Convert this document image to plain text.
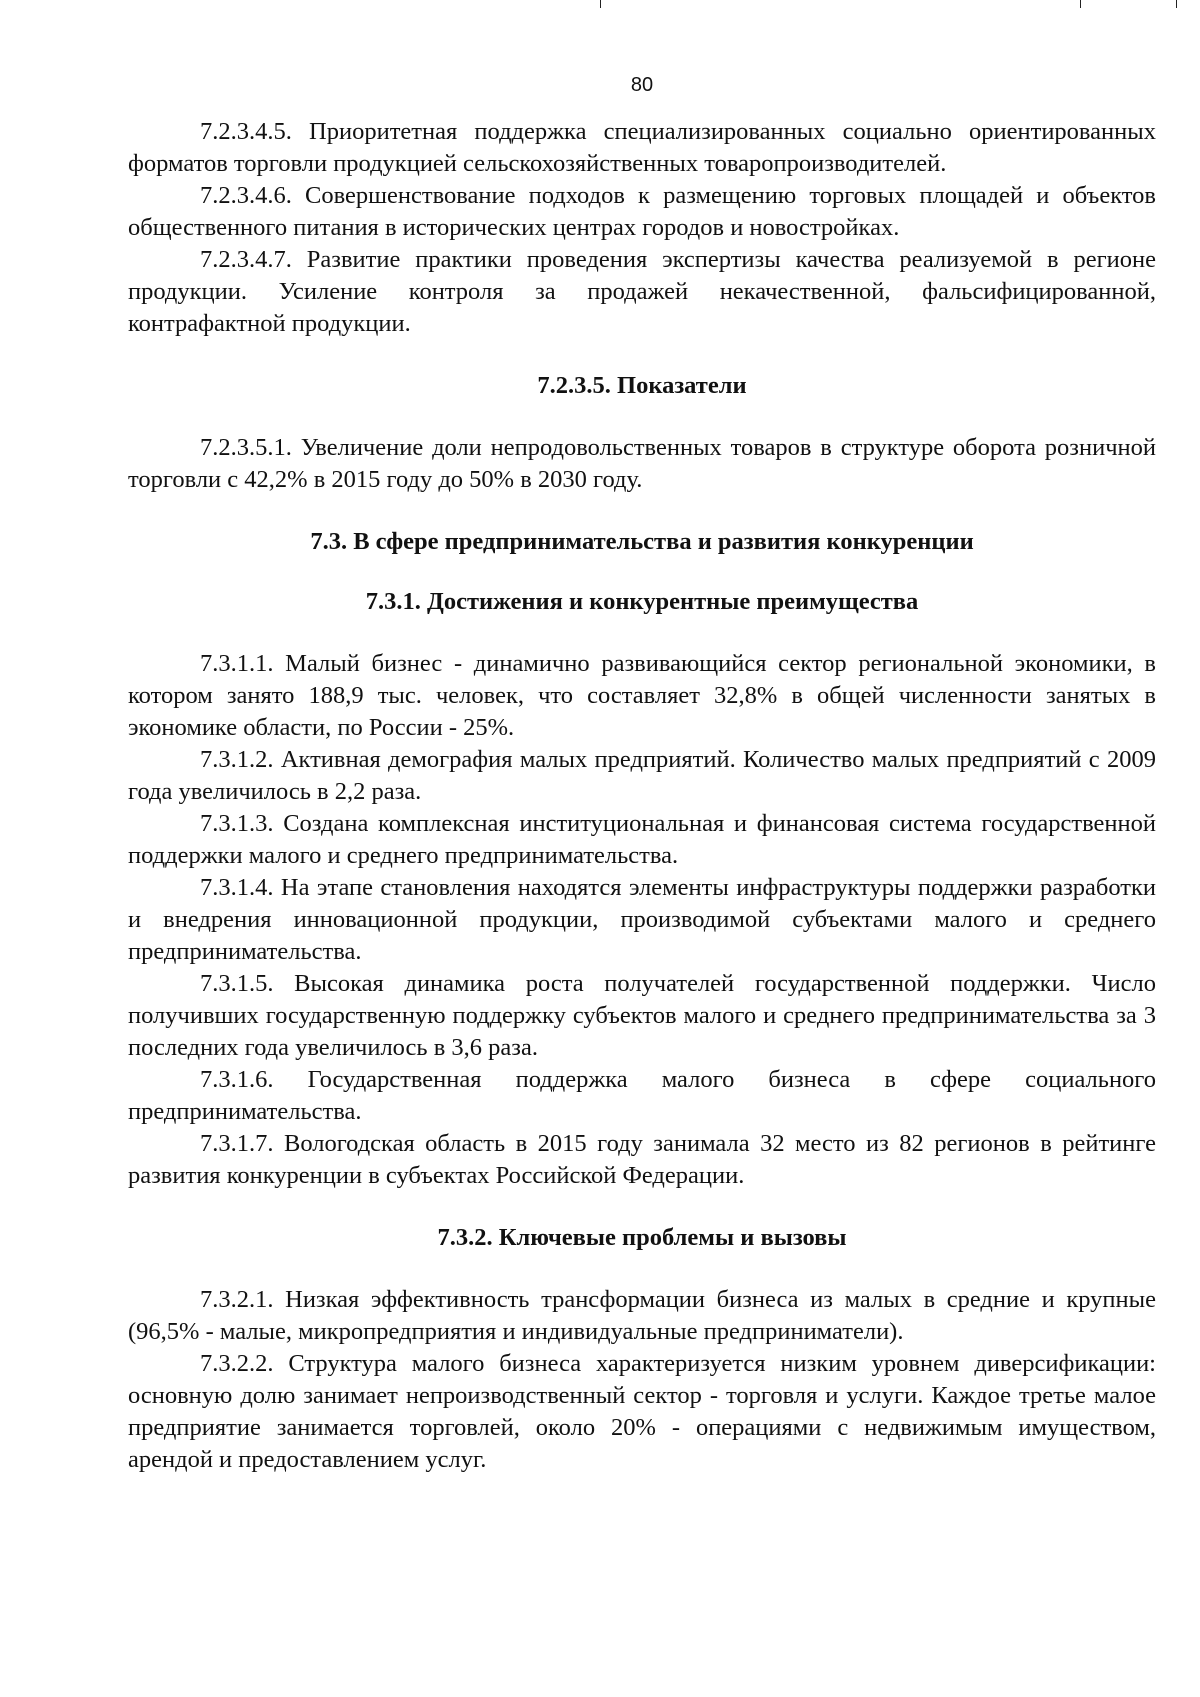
80

7.2.3.4.5. Приоритетная поддержка специализированных социально ориентированных форматов торговли продукцией сельскохозяйственных товаропроизводителей.

7.2.3.4.6. Совершенствование подходов к размещению торговых площадей и объектов общественного питания в исторических центрах городов и новостройках.

7.2.3.4.7. Развитие практики проведения экспертизы качества реализуемой в регионе продукции. Усиление контроля за продажей некачественной, фальсифицированной, контрафактной продукции.

7.2.3.5. Показатели

7.2.3.5.1. Увеличение доли непродовольственных товаров в структуре оборота розничной торговли с 42,2% в 2015 году до 50% в 2030 году.

7.3. В сфере предпринимательства и развития конкуренции
7.3.1. Достижения и конкурентные преимущества

7.3.1.1. Малый бизнес - динамично развивающийся сектор региональной экономики, в котором занято 188,9 тыс. человек, что составляет 32,8% в общей численности занятых в экономике области, по России - 25%.

7.3.1.2. Активная демография малых предприятий. Количество малых предприятий с 2009 года увеличилось в 2,2 раза.

7.3.1.3. Создана комплексная институциональная и финансовая система государственной поддержки малого и среднего предпринимательства.

7.3.1.4. На этапе становления находятся элементы инфраструктуры поддержки разработки и внедрения инновационной продукции, производимой субъектами малого и среднего предпринимательства.

7.3.1.5. Высокая динамика роста получателей государственной поддержки. Число получивших государственную поддержку субъектов малого и среднего предпринимательства за 3 последних года увеличилось в 3,6 раза.

7.3.1.6. Государственная поддержка малого бизнеса в сфере социального предпринимательства.

7.3.1.7. Вологодская область в 2015 году занимала 32 место из 82 регионов в рейтинге развития конкуренции в субъектах Российской Федерации.

7.3.2. Ключевые проблемы и вызовы

7.3.2.1. Низкая эффективность трансформации бизнеса из малых в средние и крупные (96,5% - малые, микропредприятия и индивидуальные предприниматели).

7.3.2.2. Структура малого бизнеса характеризуется низким уровнем диверсификации: основную долю занимает непроизводственный сектор - торговля и услуги. Каждое третье малое предприятие занимается торговлей, около 20% - операциями с недвижимым имуществом, арендой и предоставлением услуг.
